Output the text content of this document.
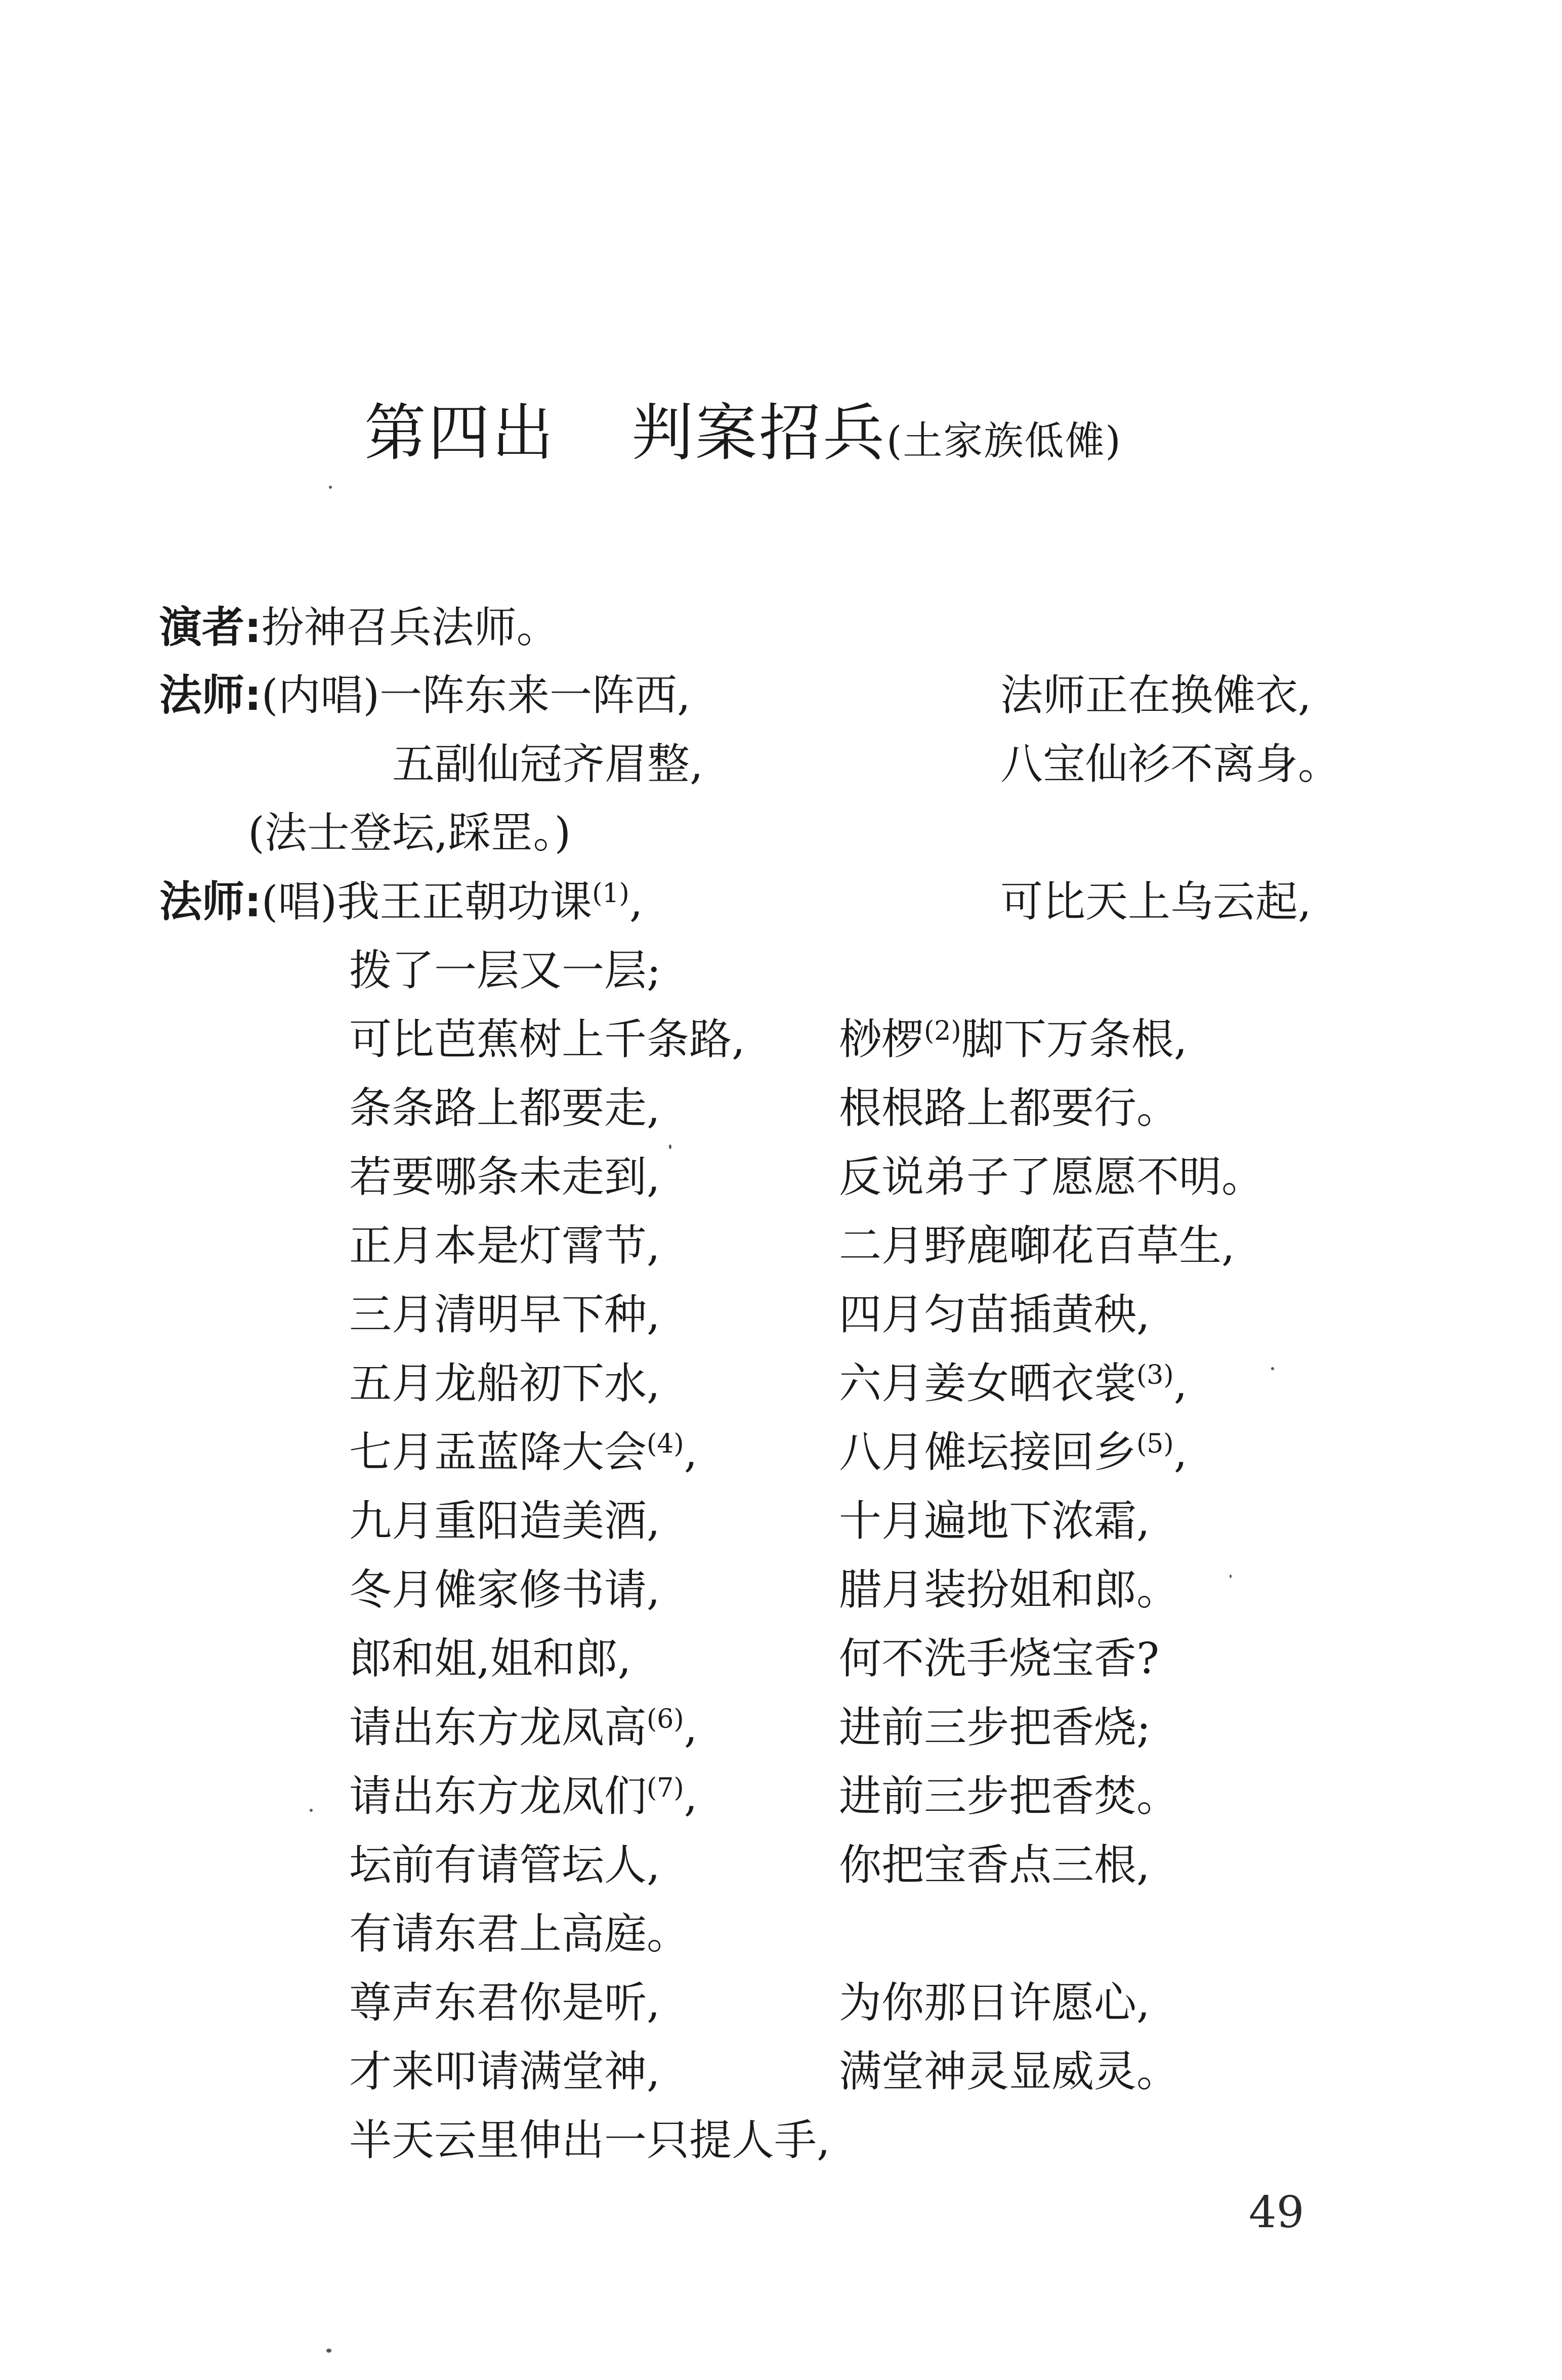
第四出 判案招兵(土家族低傩)
演者:扮神召兵法师。
法师:(内唱)一阵东来一阵西,	法师正在换傩衣,
五副仙冠齐眉整,	八宝仙衫不离身。
(法士登坛,踩罡。)
法师:(唱)我王正朝功课$^{(1)}$,	可比天上乌云起,
拨了一层又一层;
可比芭蕉树上千条路, 桫椤$^{(2)}$脚下万条根,
条条路上都要走,	根根路上都要行。
若要哪条未走到,	反说弟子了愿愿不明。
正月本是灯霄节,	二月野鹿啣花百草生,
三月清明早下种,	四月匀苗插黄秧,
五月龙船初下水,	六月姜女晒衣裳$^{(3)}$,
七月盂蓝降大会$^{(4)}$,	八月傩坛接回乡$^{(5)}$,
九月重阳造美酒,	十月遍地下浓霜,
冬月傩家修书请,	腊月装扮姐和郎。
郎和姐,姐和郎,	何不洗手烧宝香?
请出东方龙凤高$^{(6)}$,	进前三步把香烧;
请出东方龙凤们$^{(7)}$,	进前三步把香焚。
坛前有请管坛人,	你把宝香点三根,
有请东君上高庭。
尊声东君你是听,	为你那日许愿心,
才来叩请满堂神,	满堂神灵显威灵。
半天云里伸出一只提人手,
49
